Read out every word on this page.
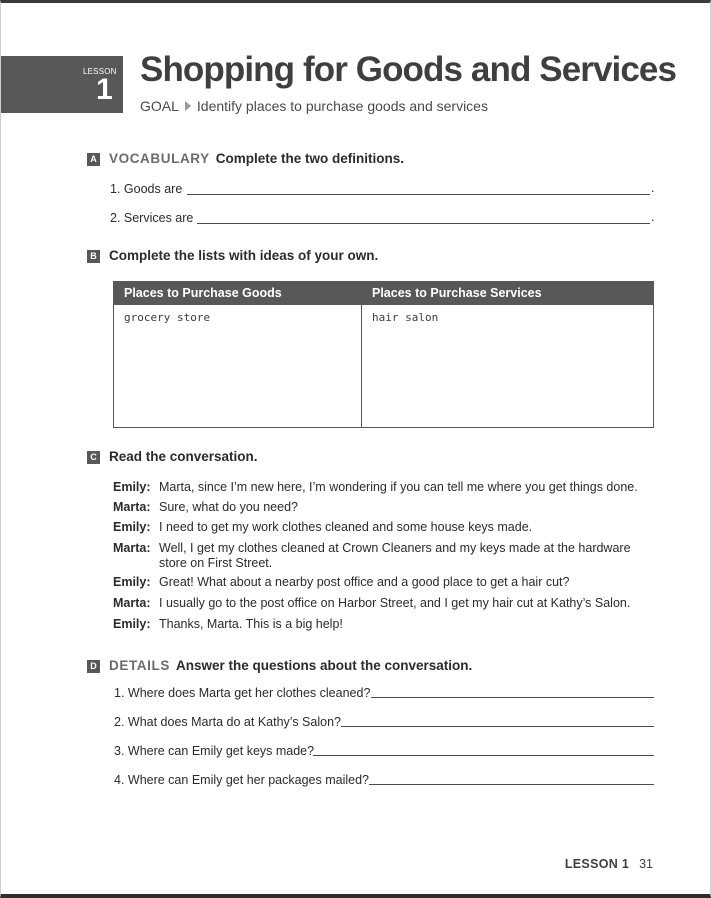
LESSON
1
Shopping for Goods and Services
GOAL Identify places to purchase goods and services
A VOCABULARY Complete the two definitions.
1. Goods are	.
2. Services are	.
B Complete the lists with ideas of your own.
Places to Purchase Goods	Places to Purchase Services
grocery store	hair salon
C Read the conversation.
Emily: Marta, since I’m new here, I’m wondering if you can tell me where you get things done.
Marta: Sure, what do you need?
Emily: I need to get my work clothes cleaned and some house keys made.
Marta: Well, I get my clothes cleaned at Crown Cleaners and my keys made at the hardware store on First Street.
Emily: Great! What about a nearby post office and a good place to get a hair cut?
Marta: I usually go to the post office on Harbor Street, and I get my hair cut at Kathy’s Salon.
Emily: Thanks, Marta. This is a big help!
D DETAILS Answer the questions about the conversation.
1. Where does Marta get her clothes cleaned?
2. What does Marta do at Kathy’s Salon?
3. Where can Emily get keys made?
4. Where can Emily get her packages mailed?
LESSON 1 31
